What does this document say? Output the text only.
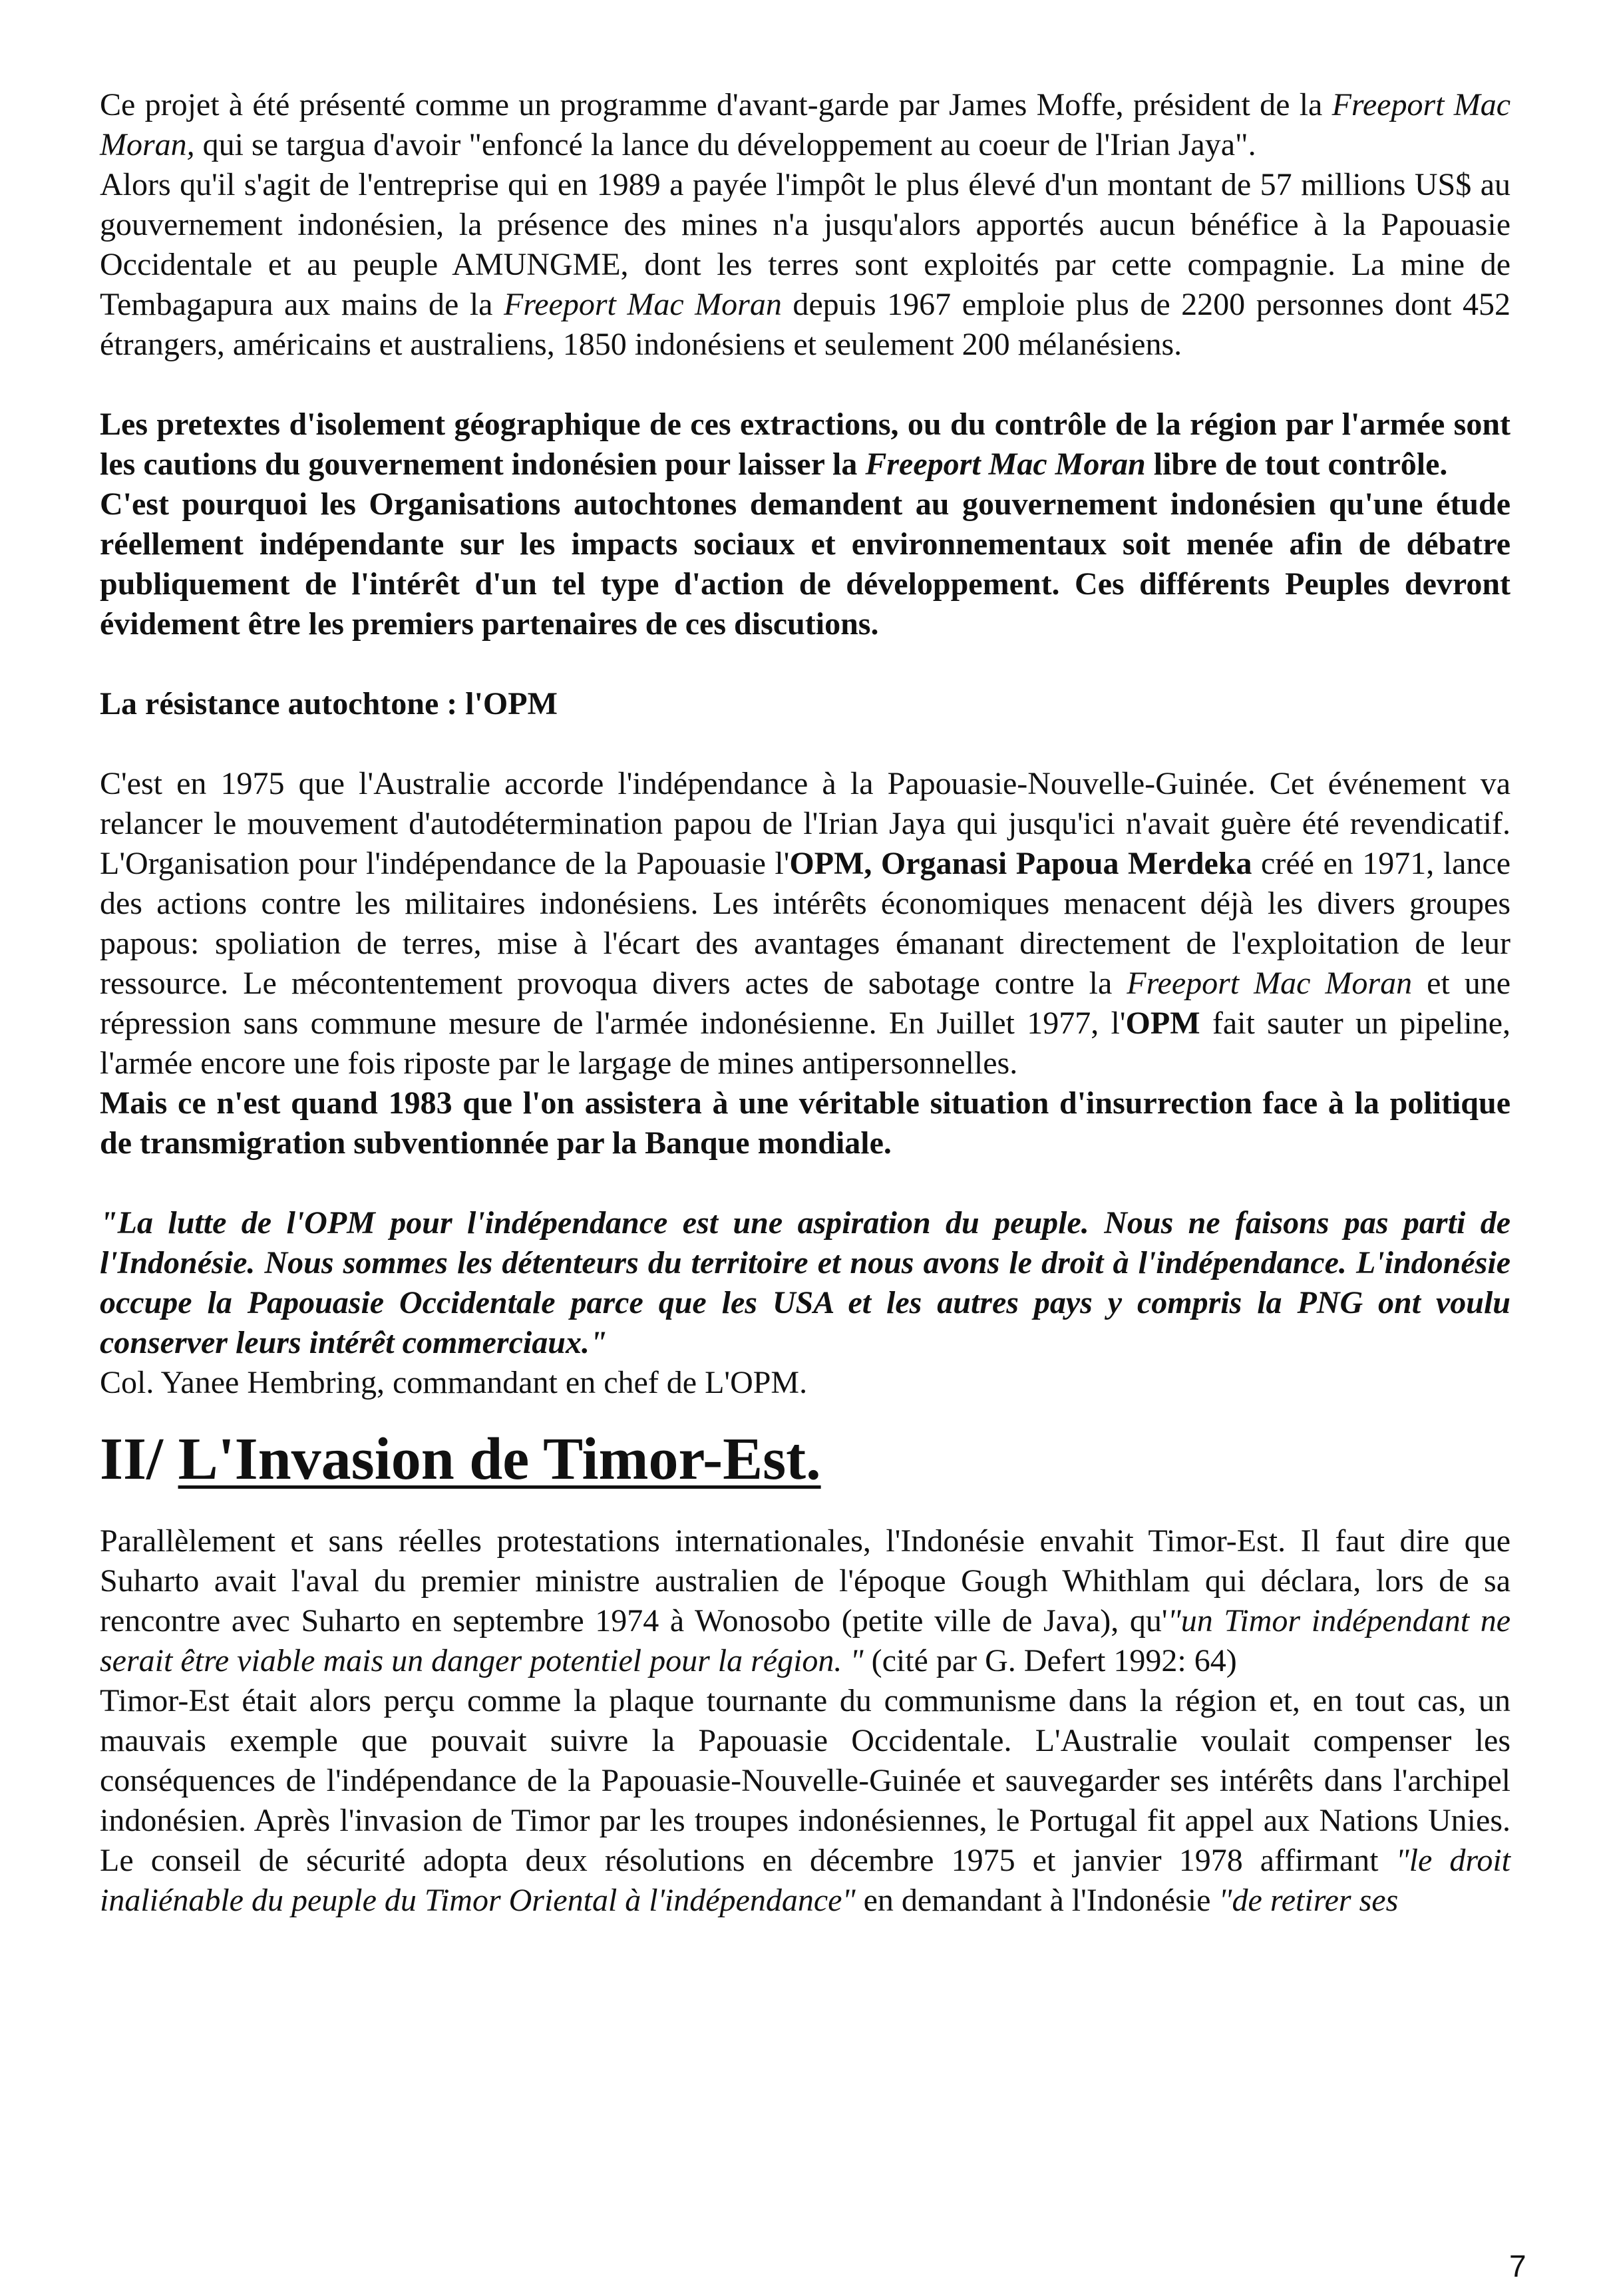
Ce projet à été présenté comme un programme d'avant-garde par James Moffe, président de la Freeport Mac Moran, qui se targua d'avoir "enfoncé la lance du développement au coeur de l'Irian Jaya".

Alors qu'il s'agit de l'entreprise qui en 1989 a payée l'impôt le plus élevé d'un montant de 57 millions US$ au gouvernement indonésien, la présence des mines n'a jusqu'alors apportés aucun bénéfice à la Papouasie Occidentale et au peuple AMUNGME, dont les terres sont exploités par cette compagnie. La mine de Tembagapura aux mains de la Freeport Mac Moran depuis 1967 emploie plus de 2200 personnes dont 452 étrangers, américains et australiens, 1850 indonésiens et seulement 200 mélanésiens.

Les pretextes d'isolement géographique de ces extractions, ou du contrôle de la région par l'armée sont les cautions du gouvernement indonésien pour laisser la Freeport Mac Moran libre de tout contrôle.

C'est pourquoi les Organisations autochtones demandent au gouvernement indonésien qu'une étude réellement indépendante sur les impacts sociaux et environnementaux soit menée afin de débatre publiquement de l'intérêt d'un tel type d'action de développement. Ces différents Peuples devront évidement être les premiers partenaires de ces discutions.

La résistance autochtone : l'OPM

C'est en 1975 que l'Australie accorde l'indépendance à la Papouasie-Nouvelle-Guinée. Cet événement va relancer le mouvement d'autodétermination papou de l'Irian Jaya qui jusqu'ici n'avait guère été revendicatif. L'Organisation pour l'indépendance de la Papouasie l'OPM, Organasi Papoua Merdeka créé en 1971, lance des actions contre les militaires indonésiens. Les intérêts économiques menacent déjà les divers groupes papous: spoliation de terres, mise à l'écart des avantages émanant directement de l'exploitation de leur ressource. Le mécontentement provoqua divers actes de sabotage contre la Freeport Mac Moran et une répression sans commune mesure de l'armée indonésienne. En Juillet 1977, l'OPM fait sauter un pipeline, l'armée encore une fois riposte par le largage de mines antipersonnelles.

Mais ce n'est quand 1983 que l'on assistera à une véritable situation d'insurrection face à la politique de transmigration subventionnée par la Banque mondiale.

"La lutte de l'OPM pour l'indépendance est une aspiration du peuple. Nous ne faisons pas parti de l'Indonésie. Nous sommes les détenteurs du territoire et nous avons le droit à l'indépendance. L'indonésie occupe la Papouasie Occidentale parce que les USA et les autres pays y compris la PNG ont voulu conserver leurs intérêt commerciaux."

Col. Yanee Hembring, commandant en chef de L'OPM.

II/ L'Invasion de Timor-Est.

Parallèlement et sans réelles protestations internationales, l'Indonésie envahit Timor-Est. Il faut dire que Suharto avait l'aval du premier ministre australien de l'époque Gough Whithlam qui déclara, lors de sa rencontre avec Suharto en septembre 1974 à Wonosobo (petite ville de Java), qu'"un Timor indépendant ne serait être viable mais un danger potentiel pour la région. " (cité par G. Defert 1992: 64)

Timor-Est était alors perçu comme la plaque tournante du communisme dans la région et, en tout cas, un mauvais exemple que pouvait suivre la Papouasie Occidentale. L'Australie voulait compenser les conséquences de l'indépendance de la Papouasie-Nouvelle-Guinée et sauvegarder ses intérêts dans l'archipel indonésien. Après l'invasion de Timor par les troupes indonésiennes, le Portugal fit appel aux Nations Unies. Le conseil de sécurité adopta deux résolutions en décembre 1975 et janvier 1978 affirmant "le droit inaliénable du peuple du Timor Oriental à l'indépendance" en demandant à l'Indonésie "de retirer ses

7
